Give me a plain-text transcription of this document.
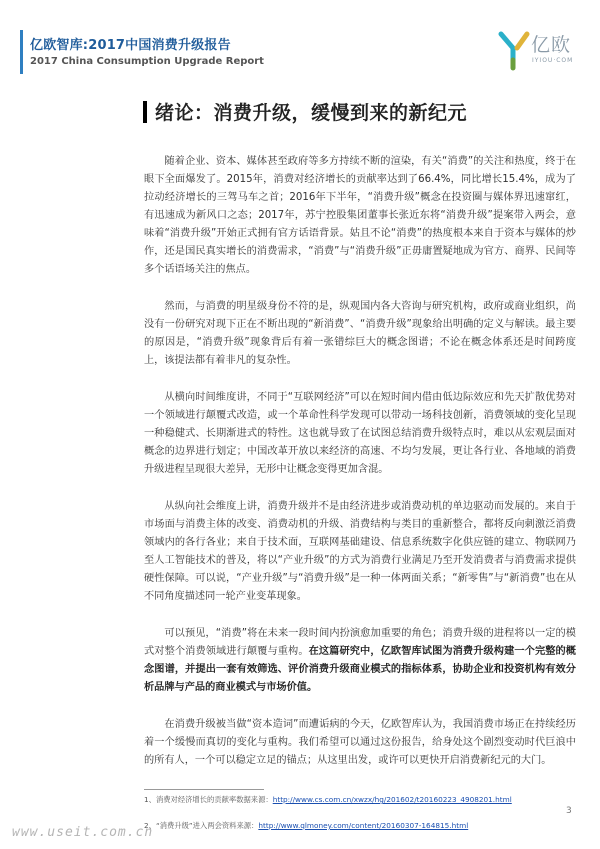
亿欧智库:2017中国消费升级报告
2017 China Consumption Upgrade Report
亿欧
IYIOU·COM
绪论：消费升级，缓慢到来的新纪元

随着企业、资本、媒体甚至政府等多方持续不断的渲染，有关“消费”的关注和热度，终于在眼下全面爆发了。2015年，消费对经济增长的贡献率达到了66.4%，同比增长15.4%，成为了拉动经济增长的三驾马车之首；2016年下半年，“消费升级”概念在投资圈与媒体界迅速窜红，有迅速成为新风口之态；2017年，苏宁控股集团董事长张近东将“消费升级”提案带入两会，意味着“消费升级”开始正式拥有官方话语背景。姑且不论“消费”的热度根本来自于资本与媒体的炒作，还是国民真实增长的消费需求，“消费”与“消费升级”正毋庸置疑地成为官方、商界、民间等多个话语场关注的焦点。

然而，与消费的明星级身份不符的是，纵观国内各大咨询与研究机构，政府或商业组织，尚没有一份研究对现下正在不断出现的“新消费”、“消费升级”现象给出明确的定义与解读。最主要的原因是，“消费升级”现象背后有着一张错综巨大的概念图谱；不论在概念体系还是时间跨度上，该提法都有着非凡的复杂性。

从横向时间维度讲，不同于“互联网经济”可以在短时间内借由低边际效应和先天扩散优势对一个领域进行颠覆式改造，或一个革命性科学发现可以带动一场科技创新，消费领域的变化呈现一种稳健式、长期渐进式的特性。这也就导致了在试图总结消费升级特点时，难以从宏观层面对概念的边界进行划定；中国改革开放以来经济的高速、不均匀发展，更让各行业、各地域的消费升级进程呈现很大差异，无形中让概念变得更加含混。

从纵向社会维度上讲，消费升级并不是由经济进步或消费动机的单边驱动而发展的。来自于市场面与消费主体的改变、消费动机的升级、消费结构与类目的重新整合，都将反向刺激泛消费领域内的各行各业；来自于技术面，互联网基础建设、信息系统数字化供应链的建立、物联网乃至人工智能技术的普及，将以“产业升级”的方式为消费行业满足乃至开发消费者与消费需求提供硬性保障。可以说，“产业升级”与“消费升级”是一种一体两面关系；“新零售”与“新消费”也在从不同角度描述同一轮产业变革现象。

可以预见，“消费”将在未来一段时间内扮演愈加重要的角色；消费升级的进程将以一定的模式对整个消费领域进行颠覆与重构。在这篇研究中，亿欧智库试图为消费升级构建一个完整的概念图谱，并提出一套有效筛选、评价消费升级商业模式的指标体系，协助企业和投资机构有效分析品牌与产品的商业模式与市场价值。

在消费升级被当做“资本造词”而遭诟病的今天，亿欧智库认为，我国消费市场正在持续经历着一个缓慢而真切的变化与重构。我们希望可以通过这份报告，给身处这个剧烈变动时代巨浪中的所有人，一个可以稳定立足的锚点；从这里出发，或许可以更快开启消费新纪元的大门。

1、消费对经济增长的贡献率数据来源：http://www.cs.com.cn/xwzx/hg/201602/t20160223_4908201.html
2、“消费升级”进入两会资料来源：http://www.qlmoney.com/content/20160307-164815.html
3
www.useit.com.cn
